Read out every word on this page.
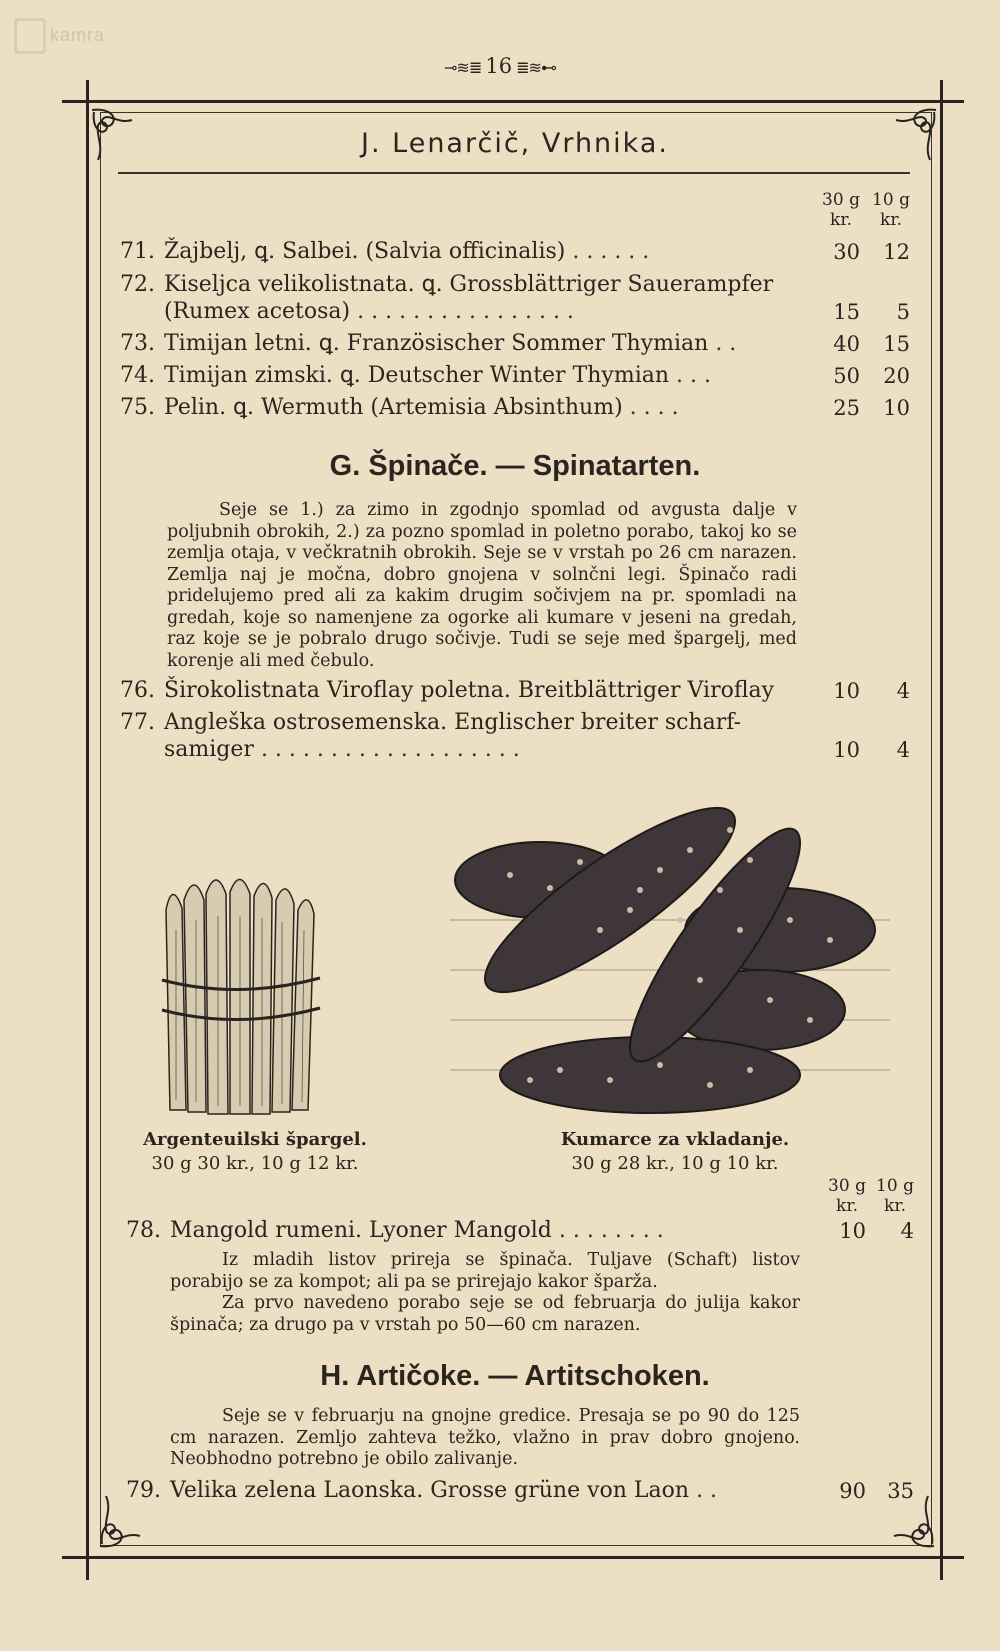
kamra
⊸≋≣ 16 ≣≋⊷
J. Lenarčič, Vrhnika.
30 g
kr.
10 g
kr.
71. Žajbelj, ꝗ. Salbei. (Salvia officinalis) . . . . . .	30	12
72. Kiseljca velikolistnata. ꝗ. Grossblättriger Sauerampfer
(Rumex acetosa) . . . . . . . . . . . . . . . .	15	5
73. Timijan letni. ꝗ. Französischer Sommer Thymian . .	40	15
74. Timijan zimski. ꝗ. Deutscher Winter Thymian . . .	50	20
75. Pelin. ꝗ. Wermuth (Artemisia Absinthum) . . . .	25	10
G. Špinače. — Spinatarten.

Seje se 1.) za zimo in zgodnjo spomlad od avgusta dalje v poljubnih obrokih, 2.) za pozno spomlad in poletno porabo, takoj ko se zemlja otaja, v večkratnih obrokih. Seje se v vrstah po 26 cm narazen. Zemlja naj je močna, dobro gnojena v solnčni legi. Špinačo radi pridelujemo pred ali za kakim drugim sočivjem na pr. spomladi na gredah, koje so namenjene za ogorke ali kumare v jeseni na gredah, raz koje se je pobralo drugo sočivje. Tudi se seje med špargelj, med korenje ali med čebulo.

76. Širokolistnata Viroflay poletna. Breitblättriger Viroflay	10	4
77. Angleška ostrosemenska. Englischer breiter scharf-
samiger . . . . . . . . . . . . . . . . . . .	10	4
Argenteuilski špargel.
30 g 30 kr., 10 g 12 kr.
Kumarce za vkladanje.
30 g 28 kr., 10 g 10 kr.
30 g
kr.
10 g
kr.
78. Mangold rumeni. Lyoner Mangold . . . . . . . .	10	4

Iz mladih listov prireja se špinača. Tuljave (Schaft) listov porabijo se za kompot; ali pa se prirejajo kakor šparža.

Za prvo navedeno porabo seje se od februarja do julija kakor špinača; za drugo pa v vrstah po 50—60 cm narazen.

H. Artičoke. — Artitschoken.

Seje se v februarju na gnojne gredice. Presaja se po 90 do 125 cm narazen. Zemljo zahteva težko, vlažno in prav dobro gnojeno. Neobhodno potrebno je obilo zalivanje.

79. Velika zelena Laonska. Grosse grüne von Laon . .	90	35
